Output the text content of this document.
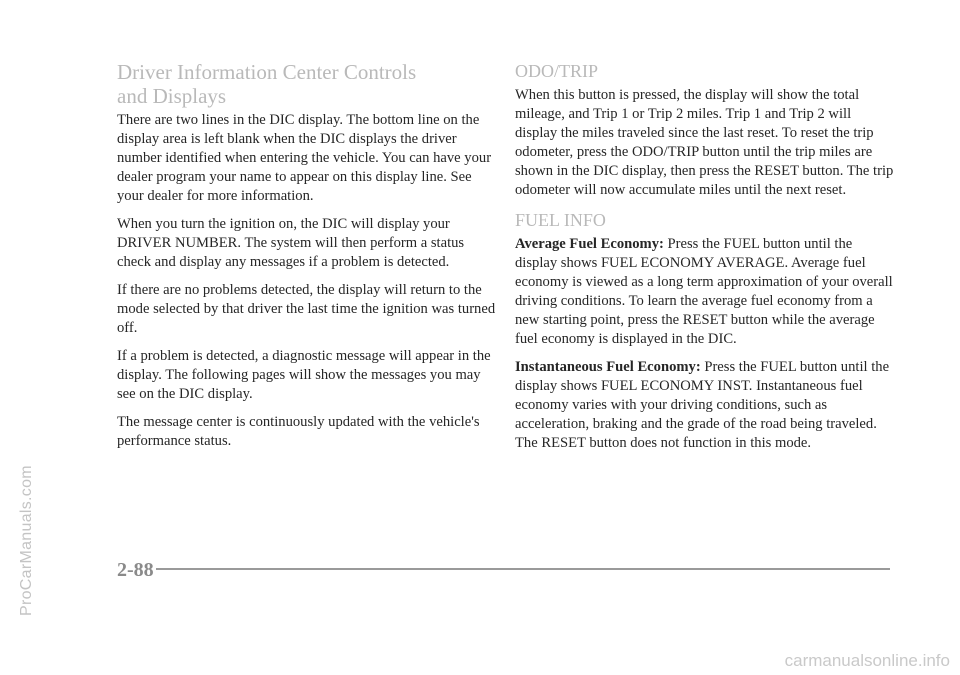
ProCarManuals.com
Driver Information Center Controls
and Displays

There are two lines in the DIC display. The bottom line on the display area is left blank when the DIC displays the driver number identified when entering the vehicle. You can have your dealer program your name to appear on this display line. See your dealer for more information.

When you turn the ignition on, the DIC will display your DRIVER NUMBER. The system will then perform a status check and display any messages if a problem is detected.

If there are no problems detected, the display will return to the mode selected by that driver the last time the ignition was turned off.

If a problem is detected, a diagnostic message will appear in the display. The following pages will show the messages you may see on the DIC display.

The message center is continuously updated with the vehicle's performance status.

ODO/TRIP

When this button is pressed, the display will show the total mileage, and Trip 1 or Trip 2 miles. Trip 1 and Trip 2 will display the miles traveled since the last reset. To reset the trip odometer, press the ODO/TRIP button until the trip miles are shown in the DIC display, then press the RESET button. The trip odometer will now accumulate miles until the next reset.

FUEL INFO

Average Fuel Economy: Press the FUEL button until the display shows FUEL ECONOMY AVERAGE. Average fuel economy is viewed as a long term approximation of your overall driving conditions. To learn the average fuel economy from a new starting point, press the RESET button while the average fuel economy is displayed in the DIC.

Instantaneous Fuel Economy: Press the FUEL button until the display shows FUEL ECONOMY INST. Instantaneous fuel economy varies with your driving conditions, such as acceleration, braking and the grade of the road being traveled. The RESET button does not function in this mode.

2-88
carmanualsonline.info
